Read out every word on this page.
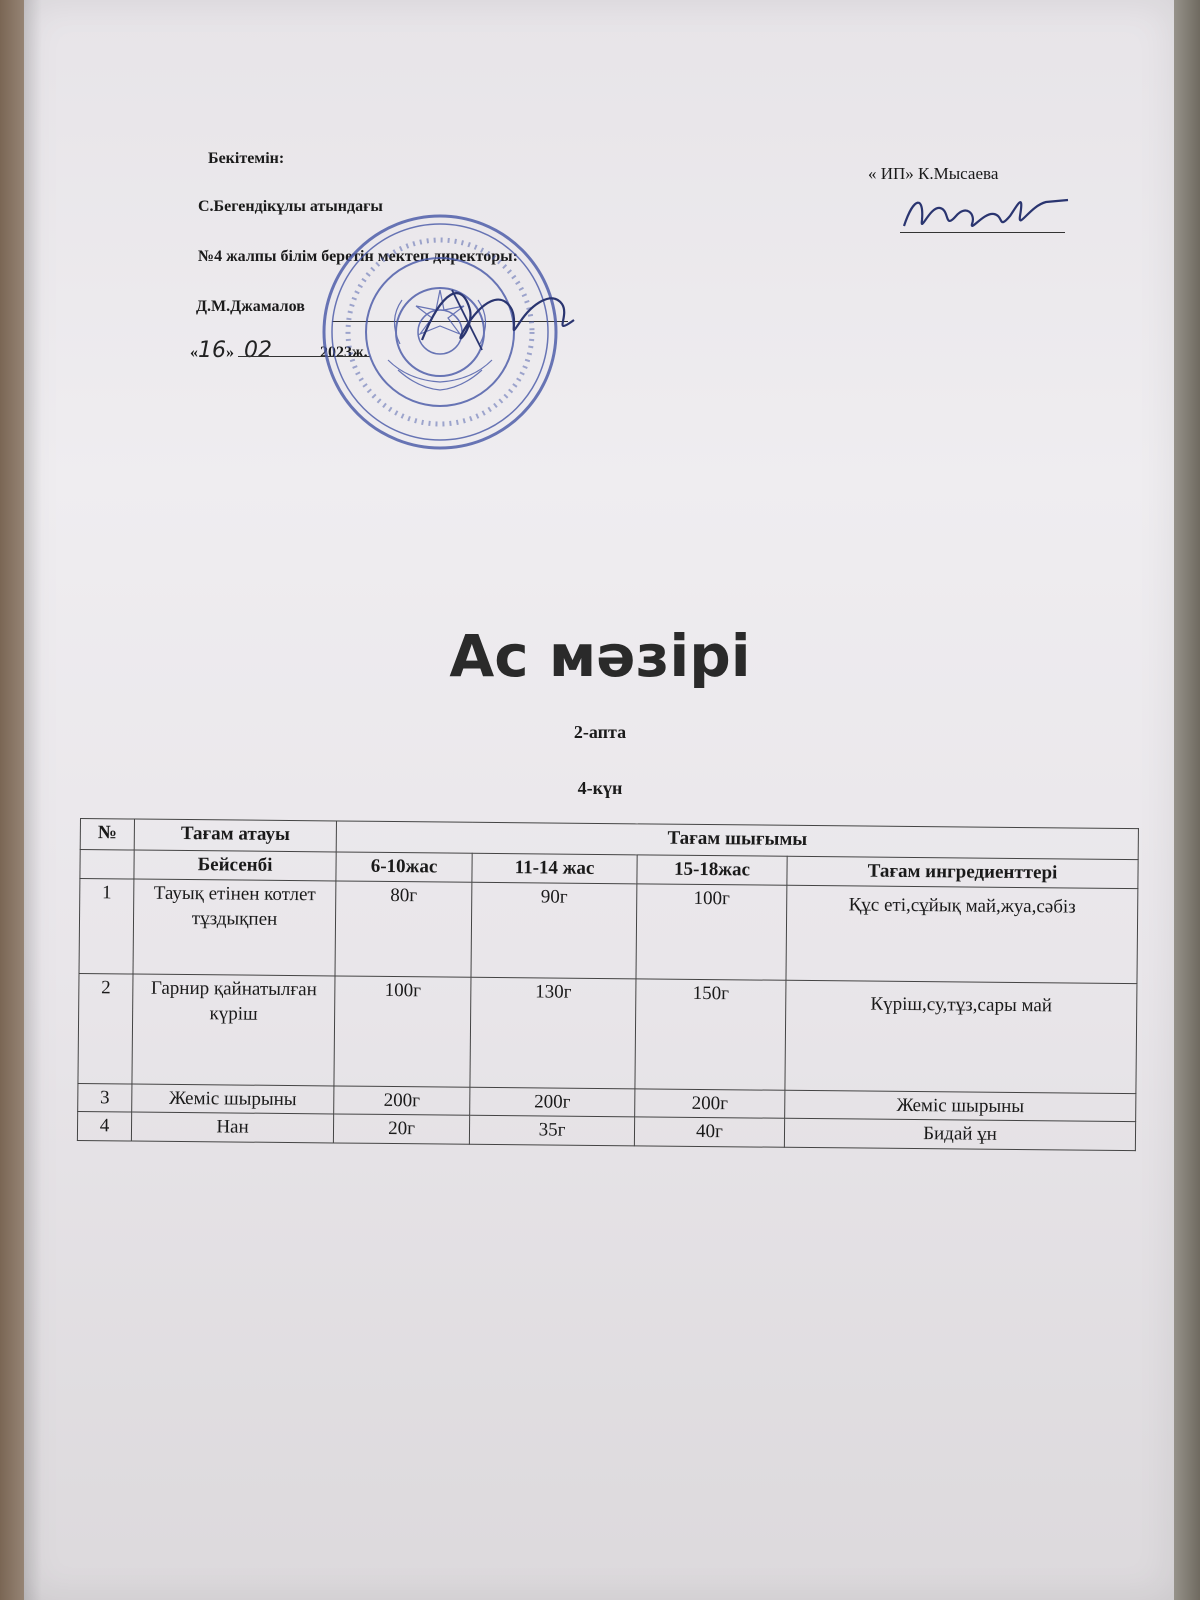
Бекітемін:
С.Бегендікұлы атындағы
№4 жалпы білім беретін мектеп директоры:
Д.М.Джамалов
«16» 02	2023ж.
« ИП» К.Мысаева
Ас мәзірі
2-апта
4-күн
№	Тағам атауы	Тағам шығымы			
	Бейсенбі	6-10жас	11-14 жас	15-18жас	Тағам ингредиенттері
1	Тауық етінен котлет тұздықпен	80г	90г	100г	Құс еті,сұйық май,жуа,сәбіз
2	Гарнир қайнатылған күріш	100г	130г	150г	Күріш,су,тұз,сары май
3	Жеміс шырыны	200г	200г	200г	Жеміс шырыны
4	Нан	20г	35г	40г	Бидай ұн
